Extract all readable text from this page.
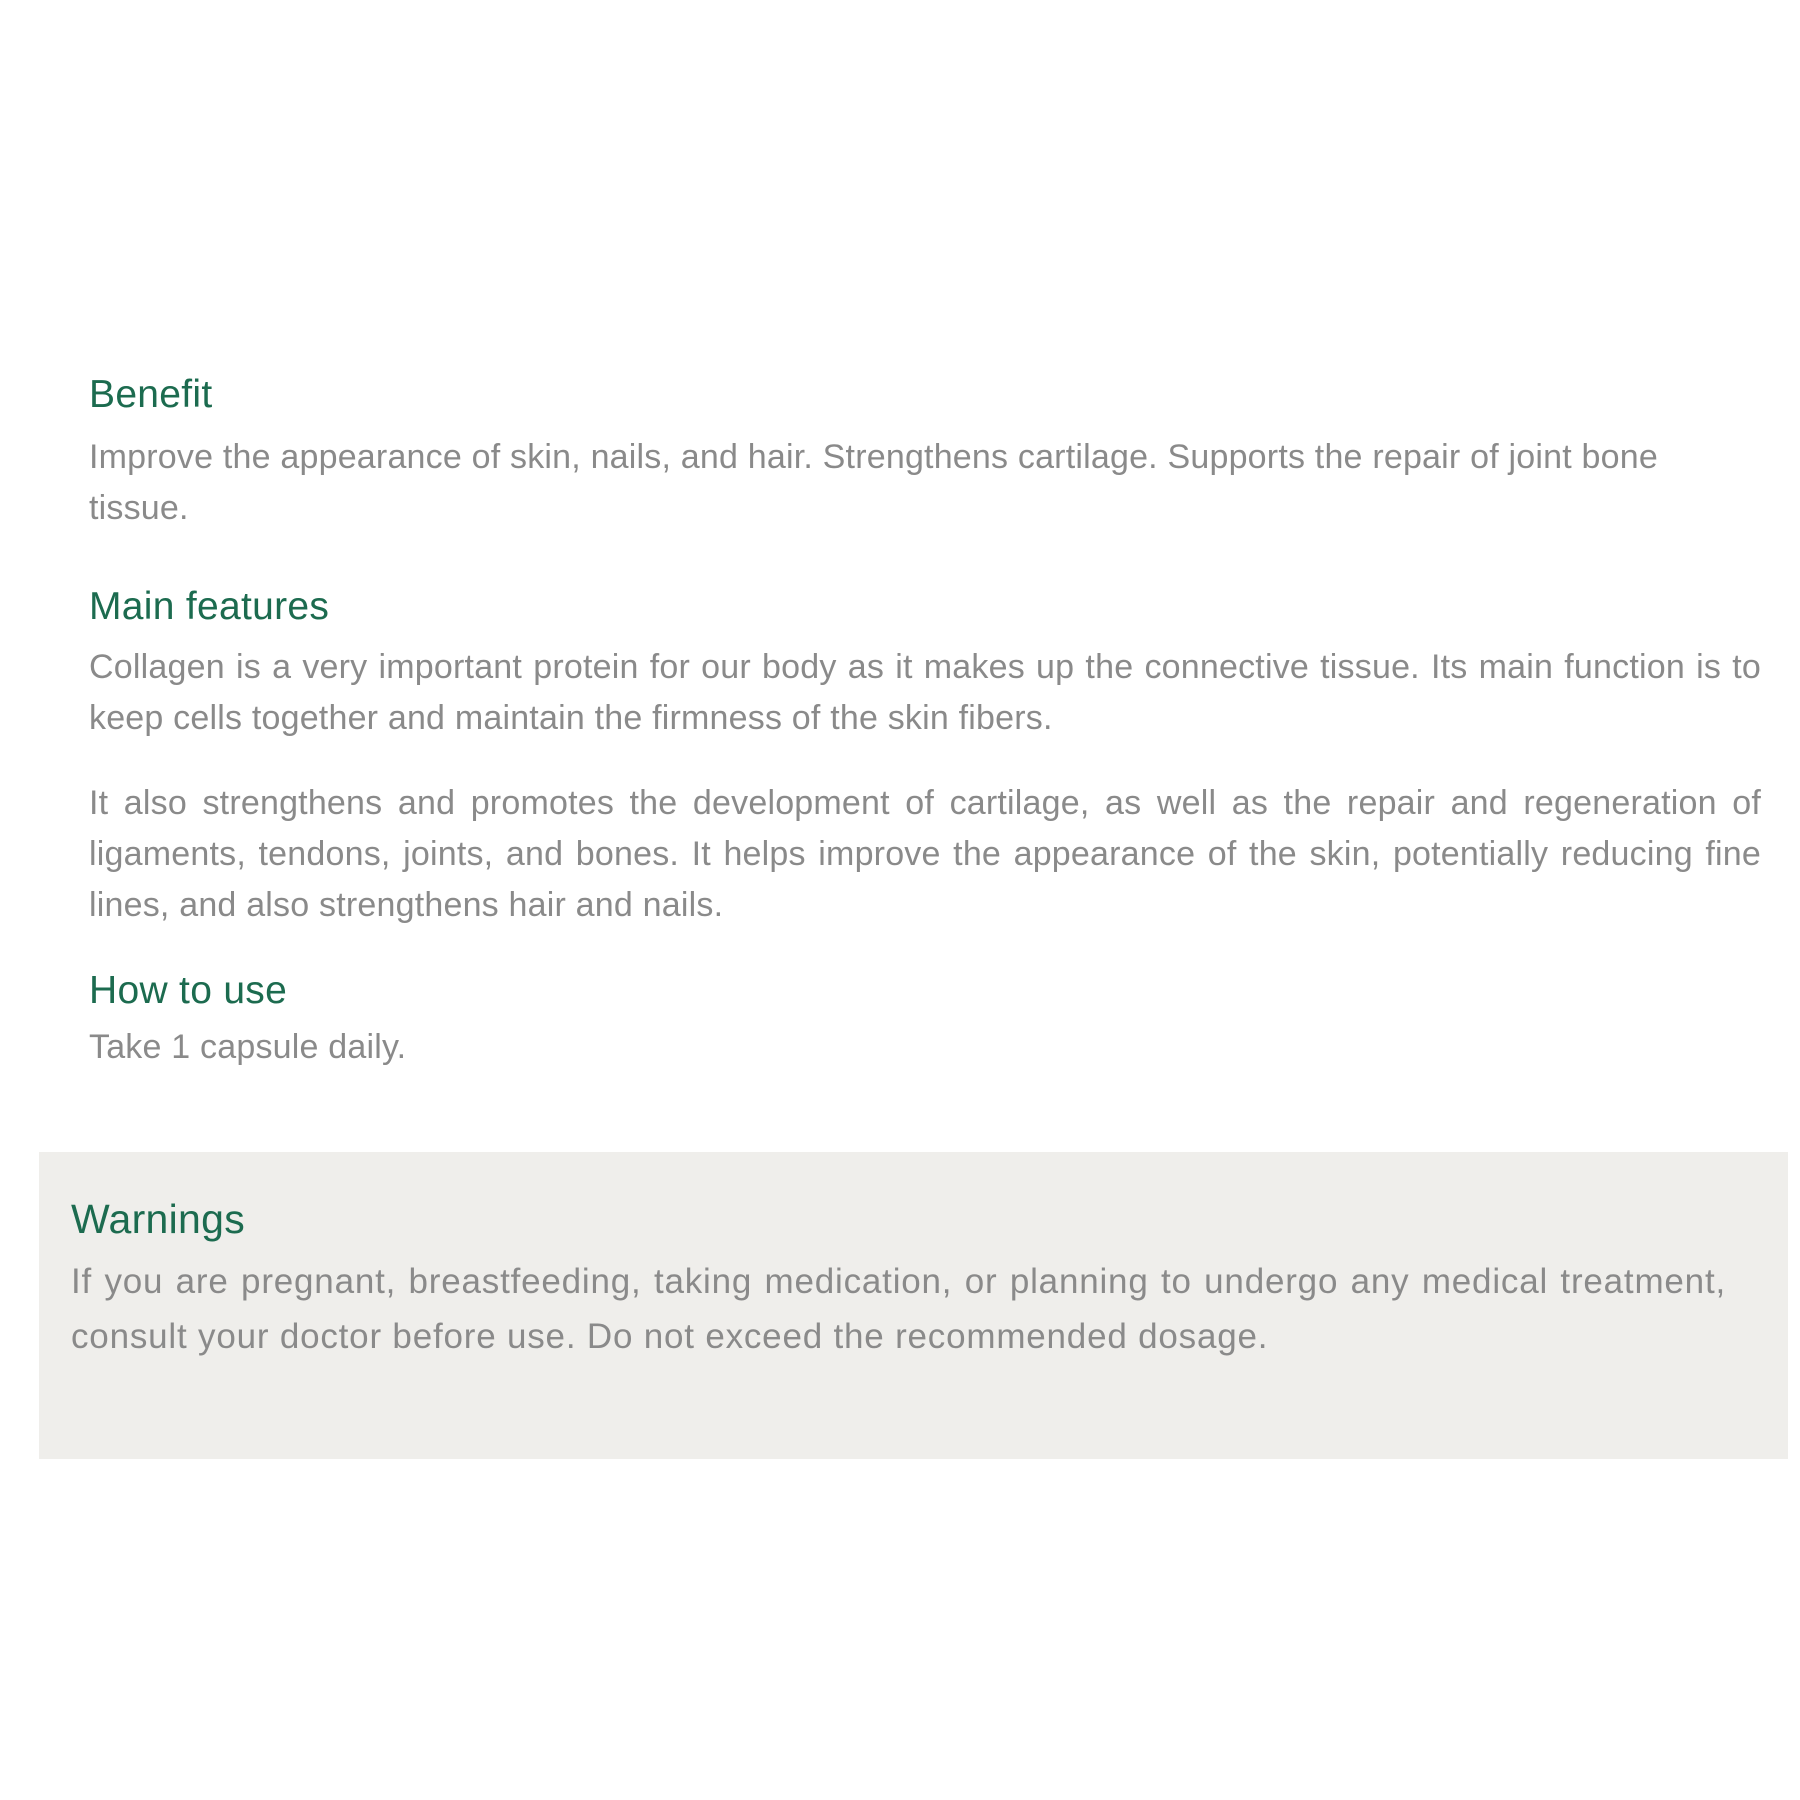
Benefit

Improve the appearance of skin, nails, and hair. Strengthens cartilage. Supports the repair of joint bone tissue.

Main features

Collagen is a very important protein for our body as it makes up the connective tissue. Its main function is to keep cells together and maintain the firmness of the skin fibers.

It also strengthens and promotes the development of cartilage, as well as the repair and regeneration of ligaments, tendons, joints, and bones. It helps improve the appearance of the skin, potentially reducing fine lines, and also strengthens hair and nails.

How to use

Take 1 capsule daily.

Warnings

If you are pregnant, breastfeeding, taking medication, or planning to undergo any medical treatment, consult your doctor before use. Do not exceed the recommended dosage.
